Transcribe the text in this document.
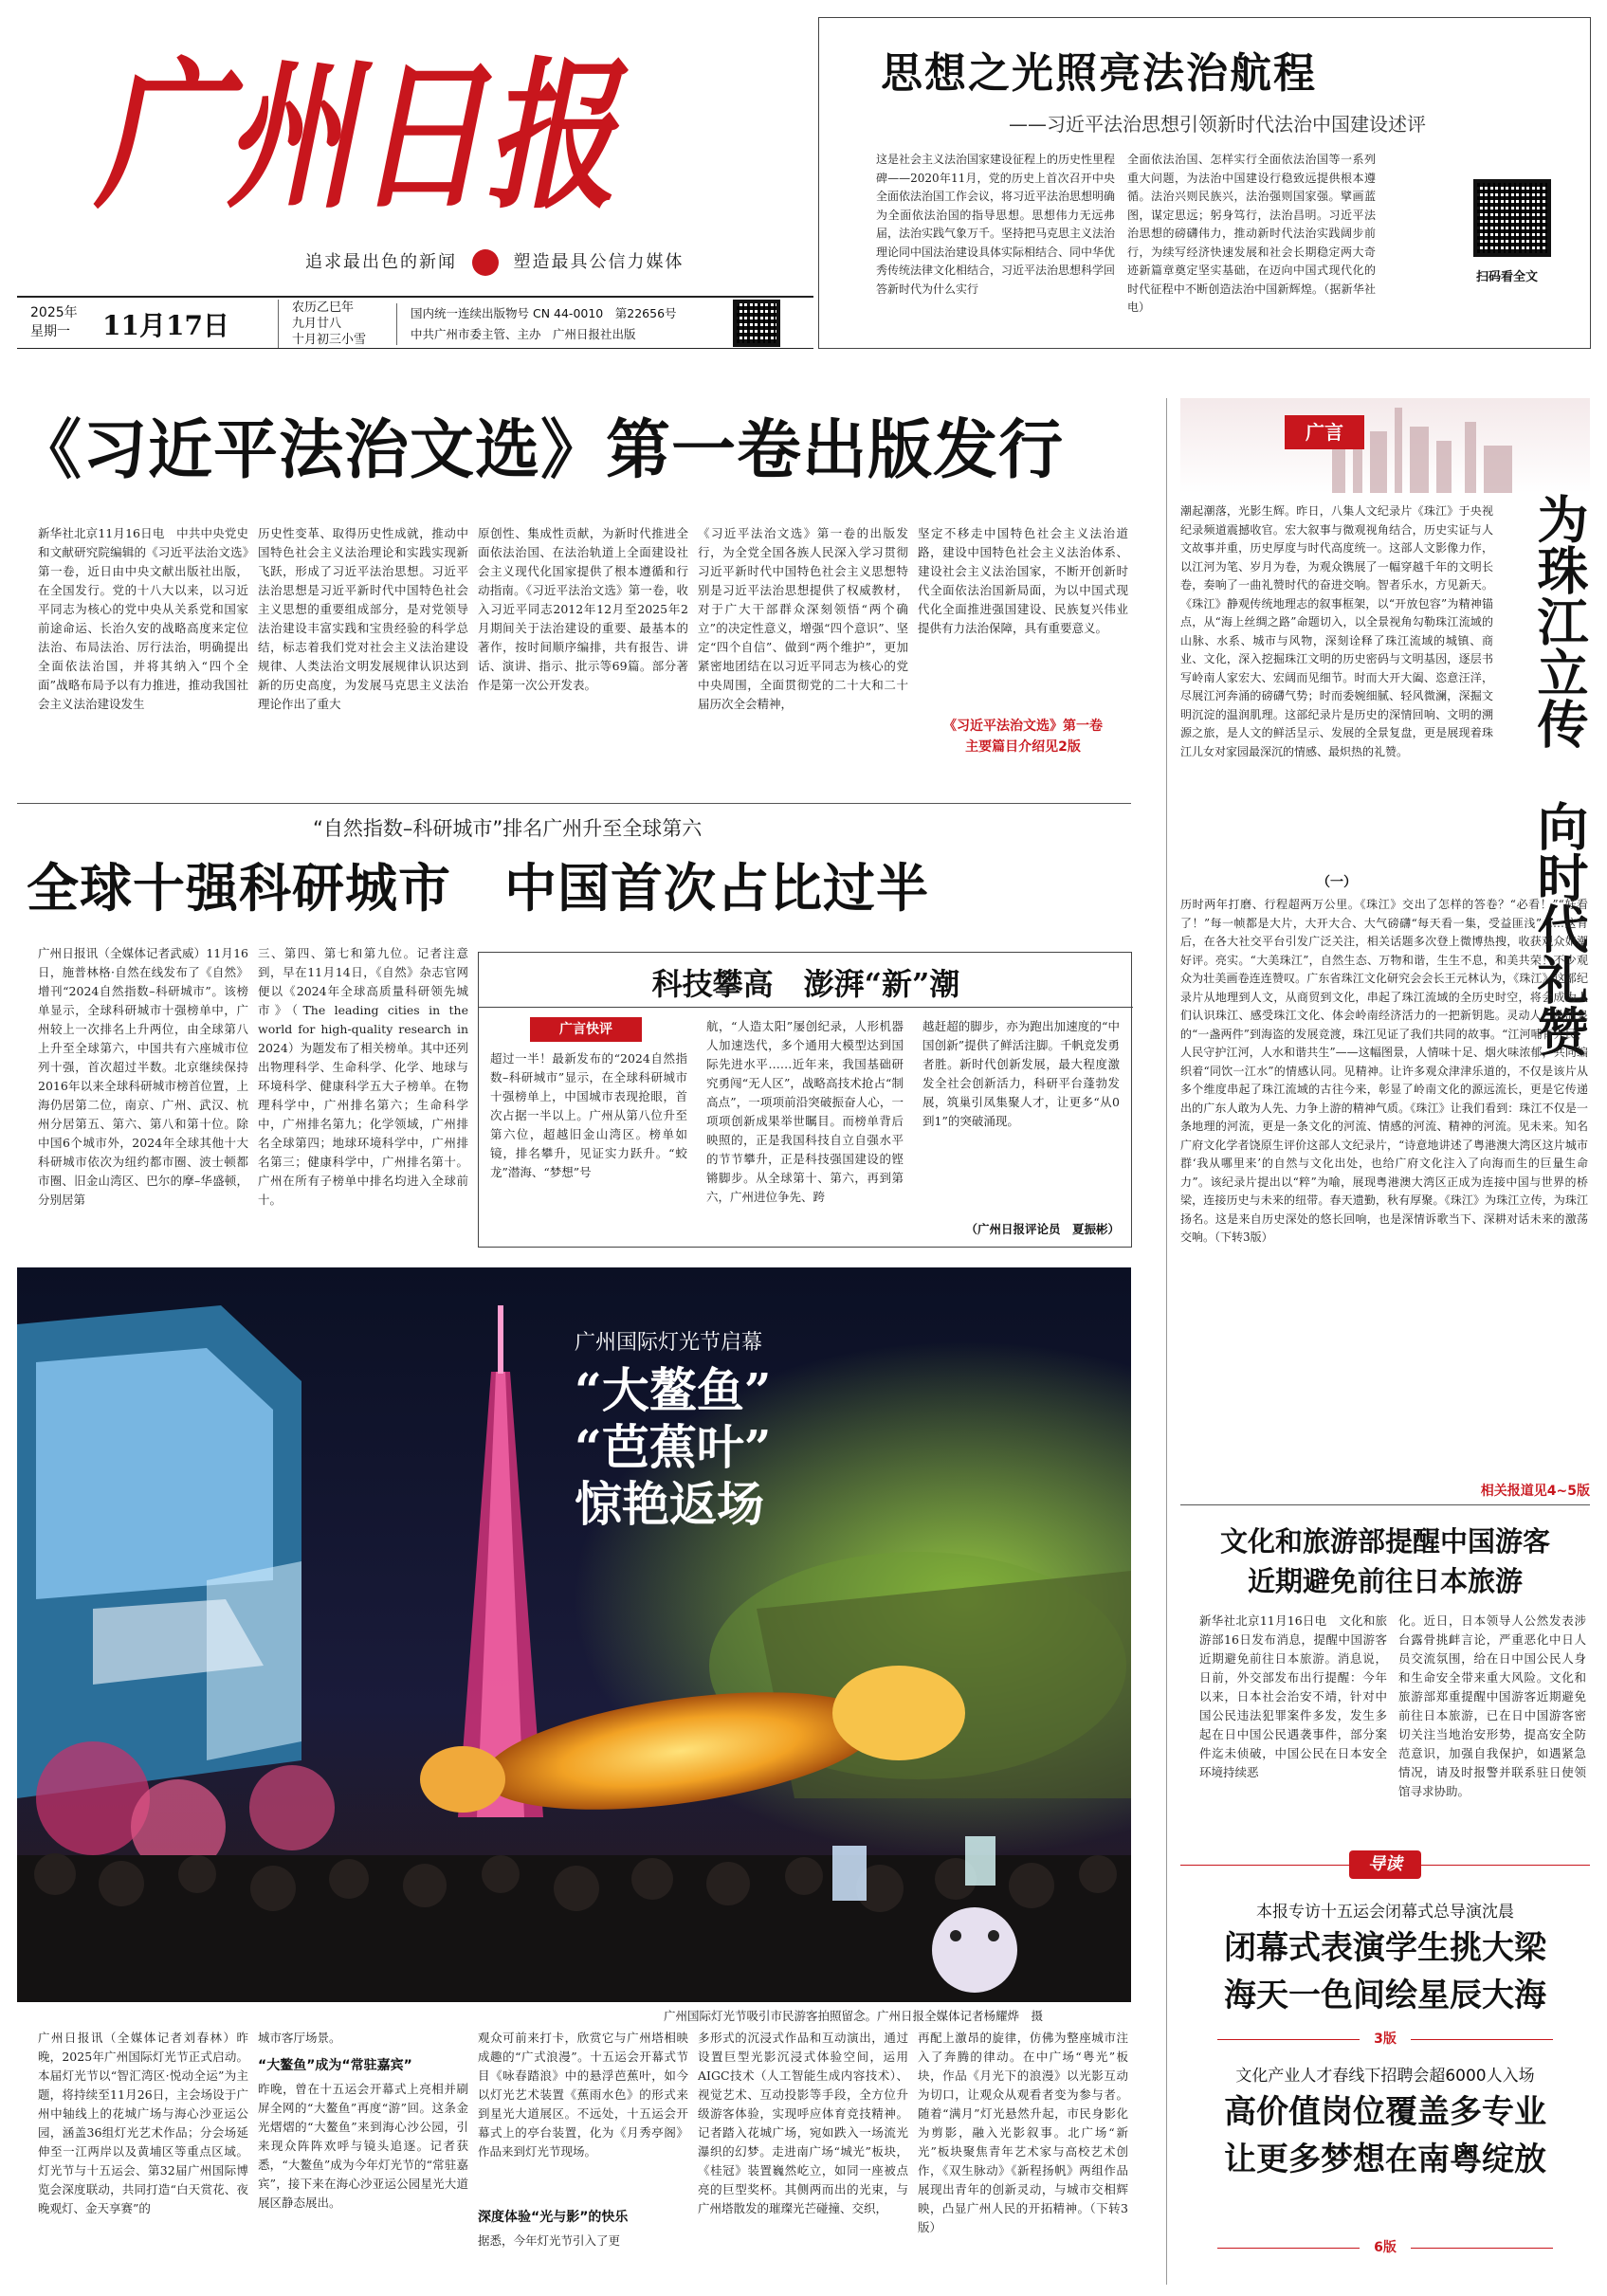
广州日报
追求最出色的新闻	塑造最具公信力媒体
2025年
星期一 11月17日
农历乙巳年
九月廿八
十月初三小雪
国内统一连续出版物号 CN 44-0010　第22656号
中共广州市委主管、主办　广州日报社出版
思想之光照亮法治航程
——习近平法治思想引领新时代法治中国建设述评
这是社会主义法治国家建设征程上的历史性里程碑——2020年11月，党的历史上首次召开中央全面依法治国工作会议，将习近平法治思想明确为全面依法治国的指导思想。思想伟力无远弗届，法治实践气象万千。坚持把马克思主义法治理论同中国法治建设具体实际相结合、同中华优秀传统法律文化相结合，习近平法治思想科学回答新时代为什么实行
全面依法治国、怎样实行全面依法治国等一系列重大问题，为法治中国建设行稳致远提供根本遵循。法治兴则民族兴，法治强则国家强。擘画蓝图，谋定思远；躬身笃行，法治昌明。习近平法治思想的磅礴伟力，推动新时代法治实践阔步前行，为续写经济快速发展和社会长期稳定两大奇迹新篇章奠定坚实基础，在迈向中国式现代化的时代征程中不断创造法治中国新辉煌。（据新华社电）
扫码看全文
《习近平法治文选》第一卷出版发行
新华社北京11月16日电　中共中央党史和文献研究院编辑的《习近平法治文选》第一卷，近日由中央文献出版社出版，在全国发行。党的十八大以来，以习近平同志为核心的党中央从关系党和国家前途命运、长治久安的战略高度来定位法治、布局法治、厉行法治，明确提出全面依法治国，并将其纳入“四个全面”战略布局予以有力推进，推动我国社会主义法治建设发生
历史性变革、取得历史性成就，推动中国特色社会主义法治理论和实践实现新飞跃，形成了习近平法治思想。习近平法治思想是习近平新时代中国特色社会主义思想的重要组成部分，是对党领导法治建设丰富实践和宝贵经验的科学总结，标志着我们党对社会主义法治建设规律、人类法治文明发展规律认识达到新的历史高度，为发展马克思主义法治理论作出了重大
原创性、集成性贡献，为新时代推进全面依法治国、在法治轨道上全面建设社会主义现代化国家提供了根本遵循和行动指南。《习近平法治文选》第一卷，收入习近平同志2012年12月至2025年2月期间关于法治建设的重要、最基本的著作，按时间顺序编排，共有报告、讲话、演讲、指示、批示等69篇。部分著作是第一次公开发表。
《习近平法治文选》第一卷的出版发行，为全党全国各族人民深入学习贯彻习近平新时代中国特色社会主义思想特别是习近平法治思想提供了权威教材，对于广大干部群众深刻领悟“两个确立”的决定性意义，增强“四个意识”、坚定“四个自信”、做到“两个维护”，更加紧密地团结在以习近平同志为核心的党中央周围，全面贯彻党的二十大和二十届历次全会精神，
坚定不移走中国特色社会主义法治道路，建设中国特色社会主义法治体系、建设社会主义法治国家，不断开创新时代全面依法治国新局面，为以中国式现代化全面推进强国建设、民族复兴伟业提供有力法治保障，具有重要意义。
《习近平法治文选》第一卷
主要篇目介绍见2版
“自然指数–科研城市”排名广州升至全球第六
全球十强科研城市　中国首次占比过半
广州日报讯（全媒体记者武威）11月16日，施普林格·自然在线发布了《自然》增刊“2024自然指数–科研城市”。该榜单显示，全球科研城市十强榜单中，广州较上一次排名上升两位，由全球第八上升至全球第六，中国共有六座城市位列十强，首次超过半数。北京继续保持2016年以来全球科研城市榜首位置，上海仍居第二位，南京、广州、武汉、杭州分居第五、第六、第八和第十位。除中国6个城市外，2024年全球其他十大科研城市依次为纽约都市圈、波士顿都市圈、旧金山湾区、巴尔的摩–华盛顿，分别居第
三、第四、第七和第九位。记者注意到，早在11月14日，《自然》杂志官网便以《2024年全球高质量科研领先城市》（The leading cities in the world for high-quality research in 2024）为题发布了相关榜单。其中还列出物理科学、生命科学、化学、地球与环境科学、健康科学五大子榜单。在物理科学中，广州排名第六；生命科学中，广州排名第九；化学领域，广州排名全球第四；地球环境科学中，广州排名第三；健康科学中，广州排名第十。广州在所有子榜单中排名均进入全球前十。
科技攀高　澎湃“新”潮
广言快评
超过一半！最新发布的“2024自然指数–科研城市”显示，在全球科研城市十强榜单上，中国城市表现抢眼，首次占据一半以上。广州从第八位升至第六位，超越旧金山湾区。榜单如镜，排名攀升，见证实力跃升。“蛟龙”潜海、“梦想”号
航，“人造太阳”屡创纪录，人形机器人加速迭代，多个通用大模型达到国际先进水平……近年来，我国基础研究勇闯“无人区”，战略高技术抢占“制高点”，一项项前沿突破振奋人心，一项项创新成果举世瞩目。而榜单背后映照的，正是我国科技自立自强水平的节节攀升，正是科技强国建设的铿锵脚步。从全球第十、第六，再到第六，广州进位争先、跨
越赶超的脚步，亦为跑出加速度的“中国创新”提供了鲜活注脚。千帆竞发勇者胜。新时代创新发展，最大程度激发全社会创新活力，科研平台蓬勃发展，筑巢引凤集聚人才，让更多“从0到1”的突破涌现。
（广州日报评论员　夏振彬）
广州国际灯光节启幕
“大鳌鱼”
“芭蕉叶”
惊艳返场
广州国际灯光节吸引市民游客拍照留念。广州日报全媒体记者杨耀烨　摄
广州日报讯（全媒体记者刘春林）昨晚，2025年广州国际灯光节正式启动。本届灯光节以“智汇湾区·悦动全运”为主题，将持续至11月26日，主会场设于广州中轴线上的花城广场与海心沙亚运公园，涵盖36组灯光艺术作品；分会场延伸至一江两岸以及黄埔区等重点区域。灯光节与十五运会、第32届广州国际博览会深度联动，共同打造“白天赏花、夜晚观灯、金天享赛”的
城市客厅场景。
“大鳌鱼”成为“常驻嘉宾”
昨晚，曾在十五运会开幕式上亮相并刷屏全网的“大鳌鱼”再度“游”回。这条金光熠熠的“大鳌鱼”来到海心沙公园，引来现众阵阵欢呼与镜头追逐。记者获悉，“大鳌鱼”成为今年灯光节的“常驻嘉宾”，接下来在海心沙亚运公园星光大道展区静态展出。
观众可前来打卡，欣赏它与广州塔相映成趣的“广式浪漫”。十五运会开幕式节目《咏春踏浪》中的悬浮芭蕉叶，如今以灯光艺术装置《蕉雨水色》的形式来到星光大道展区。不远处，十五运会开幕式上的亭台装置，化为《月秀亭阁》作品来到灯光节现场。
深度体验“光与影”的快乐
据悉，今年灯光节引入了更
多形式的沉浸式作品和互动演出，通过设置巨型光影沉浸式体验空间，运用AIGC技术（人工智能生成内容技术）、视觉艺术、互动投影等手段，全方位升级游客体验，实现呼应体育竞技精神。记者踏入花城广场，宛如跌入一场流光瀑织的幻梦。走进南广场“城光”板块，《桂冠》装置巍然屹立，如同一座被点亮的巨型奖杯。其侧两而出的光束，与广州塔散发的璀璨光芒碰撞、交织，
再配上激昂的旋律，仿佛为整座城市注入了奔腾的律动。在中广场“粤光”板块，作品《月光下的浪漫》以光影互动为切口，让观众从观看者变为参与者。随着“满月”灯光悬然升起，市民身影化为剪影，融入光影叙事。北广场“新光”板块聚焦青年艺术家与高校艺术创作，《双生脉动》《新程扬帆》两组作品展现出青年的创新灵动，与城市交相辉映，凸显广州人民的开拓精神。（下转3版）
广言
为珠江立传　向时代礼赞
潮起潮落，光影生辉。昨日，八集人文纪录片《珠江》于央视纪录频道震撼收官。宏大叙事与微观视角结合，历史实证与人文故事并重，历史厚度与时代高度统一。这部人文影像力作，以江河为笔、岁月为卷，为观众镌展了一幅穿越千年的文明长卷，奏响了一曲礼赞时代的奋进交响。智者乐水，方见新天。《珠江》静观传统地理志的叙事框架，以“开放包容”为精神锚点，从“海上丝绸之路”命题切入，以全景视角勾勒珠江流域的山脉、水系、城市与风物，深刻诠释了珠江流域的城镇、商业、文化，深入挖掘珠江文明的历史密码与文明基因，逐层书写岭南人家宏大、宏阔而见细节。时而大开大阖、恣意汪洋，尽展江河奔涌的磅礴气势；时而委婉细腻、轻风微澜，深掘文明沉淀的温润肌理。这部纪录片是历史的深情回响、文明的溯源之旅，是人文的鲜活呈示、发展的全景复盘，更是展现着珠江儿女对家园最深沉的情感、最炽热的礼赞。
（一）
历时两年打磨、行程超两万公里。《珠江》交出了怎样的答卷？“必看！”“好看了！”每一帧都是大片，大开大合、大气磅礴“每天看一集，受益匪浅”……这背后，在各大社交平台引发广泛关注，相关话题多次登上微博热搜，收获观众如潮好评。亮实。“大美珠江”，自然生态、万物和谐，生生不息，和美共荣！不少观众为壮美画卷连连赞叹。广东省珠江文化研究会会长王元林认为，《珠江》这部纪录片从地理到人文，从商贸到文化，串起了珠江流域的全历史时空，将会成为人们认识珠江、感受珠江文化、体会岭南经济活力的一把新钥匙。灵动人，从活泉的“一盏两件”到海盗的发展竞渡，珠江见证了我们共同的故事。“江河哺育人民，人民守护江河，人水和谐共生”——这幅图景，人情味十足、烟火味浓郁，共同编织着“同饮一江水”的情感认同。见精神。让许多观众津津乐道的，不仅是该片从多个维度串起了珠江流域的古往今来，彰显了岭南文化的源远流长，更是它传递出的广东人敢为人先、力争上游的精神气质。《珠江》让我们看到：珠江不仅是一条地理的河流，更是一条文化的河流、情感的河流、精神的河流。见未来。知名广府文化学者饶原生评价这部人文纪录片，“诗意地讲述了粤港澳大湾区这片城市群‘我从哪里来’的自然与文化出处，也给广府文化注入了向海而生的巨量生命力”。该纪录片提出以“粹”为喻，展现粤港澳大湾区正成为连接中国与世界的桥梁，连接历史与未来的纽带。春天遗勤，秋有厚聚。《珠江》为珠江立传，为珠江扬名。这是来自历史深处的悠长回响，也是深情诉歌当下、深耕对话未来的激荡交响。（下转3版）
相关报道见4~5版
文化和旅游部提醒中国游客
近期避免前往日本旅游
新华社北京11月16日电　文化和旅游部16日发布消息，提醒中国游客近期避免前往日本旅游。消息说，日前，外交部发布出行提醒：今年以来，日本社会治安不靖，针对中国公民违法犯罪案件多发，发生多起在日中国公民遇袭事件，部分案件迄未侦破，中国公民在日本安全环境持续恶
化。近日，日本领导人公然发表涉台露骨挑衅言论，严重恶化中日人员交流氛围，给在日中国公民人身和生命安全带来重大风险。文化和旅游部郑重提醒中国游客近期避免前往日本旅游，已在日中国游客密切关注当地治安形势，提高安全防范意识，加强自我保护，如遇紧急情况，请及时报警并联系驻日使领馆寻求协助。
导读
本报专访十五运会闭幕式总导演沈晨
闭幕式表演学生挑大梁
海天一色间绘星辰大海
3版
文化产业人才春线下招聘会超6000人入场
高价值岗位覆盖多专业
让更多梦想在南粤绽放
6版
